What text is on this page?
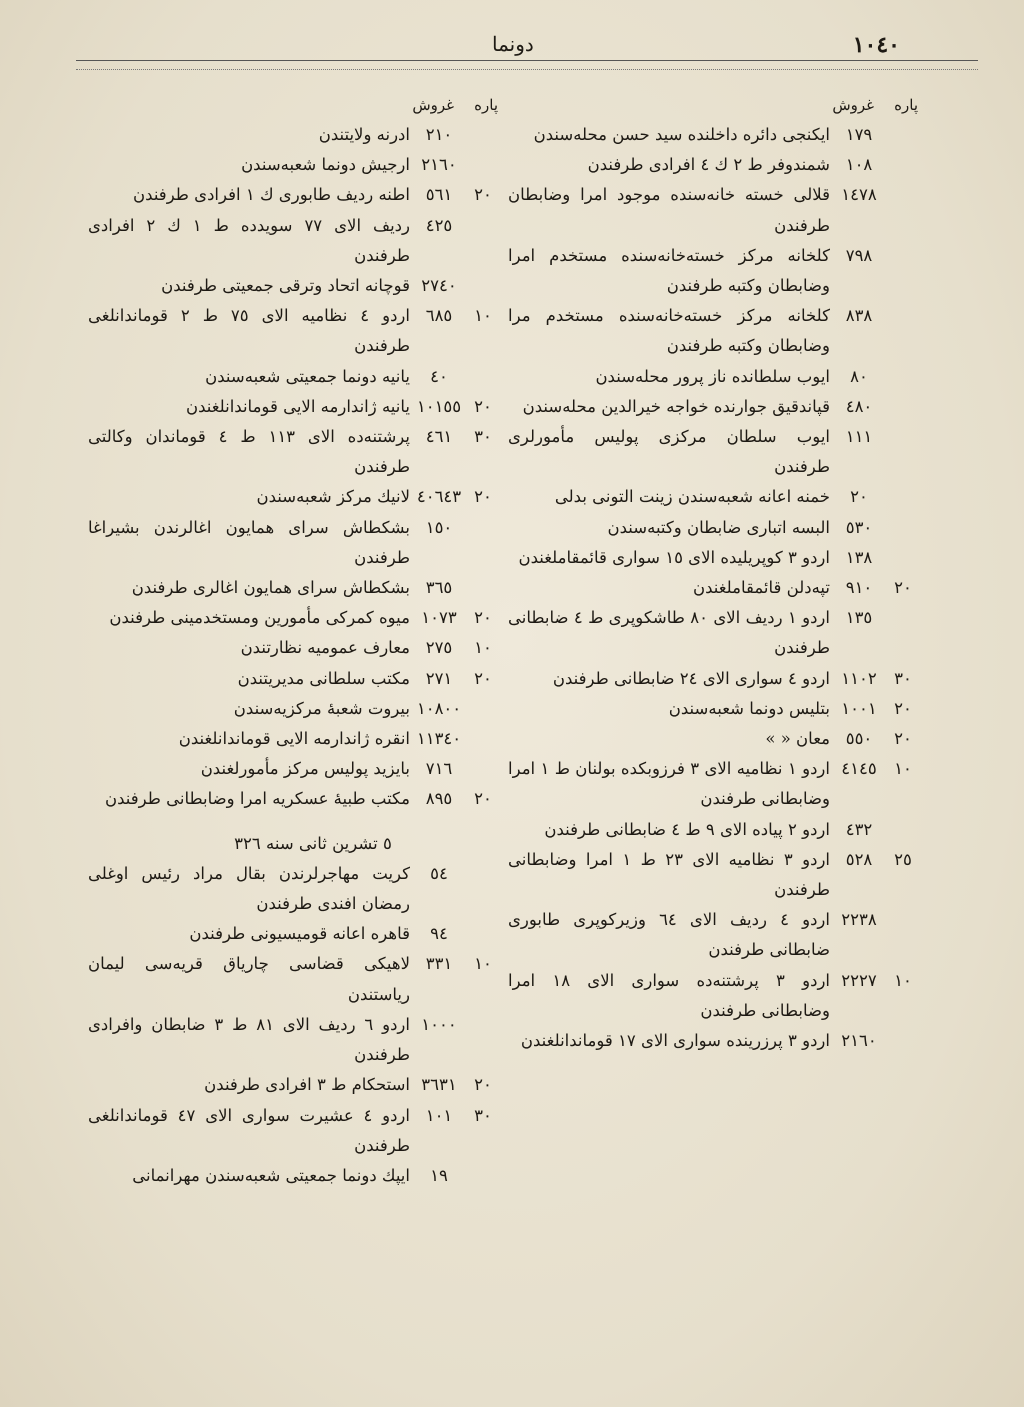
١٠٤٠
دونما
پاره
غروش
١٧٩
ایكنجی دائره داخلنده سید حسن محله‌سندن
١٠٨
شمندوفر ط ٢ ك ٤ افرادی طرفندن
١٤٧٨
قلالی خسته خانه‌سنده موجود امرا وضابطان طرفندن
٧٩٨
كلخانه مركز خسته‌خانه‌سنده مستخدم امرا وضابطان وكتبه طرفندن
٨٣٨
كلخانه مركز خسته‌خانه‌سنده مستخدم مرا وضابطان وكتبه طرفندن
٨٠
ایوب سلطانده ناز پرور محله‌سندن
٤٨٠
قپاندقیق جوارنده خواجه خیرالدین محله‌سندن
١١١
ایوب سلطان مركزی پولیس مأمورلری طرفندن
٢٠
خمنه اعانه شعبه‌سندن زینت التونی بدلی
٥٣٠
البسه اتباری ضابطان وكتبه‌سندن
١٣٨
اردو ٣ كوپریلیده الای ١٥ سواری قائمقاملغندن
٢٠
٩١٠
تپه‌دلن قائمقاملغندن
١٣٥
اردو ١ ردیف الای ٨٠ طاشكوپری ط ٤ ضابطانی طرفندن
٣٠
١١٠٢
اردو ٤ سواری الای ٢٤ ضابطانی طرفندن
٢٠
١٠٠١
بتلیس دونما شعبه‌سندن
٢٠
٥٥٠
معان « »
١٠
٤١٤٥
اردو ١ نظامیه الای ٣ فرزوبكده بولنان ط ١ امرا وضابطانی طرفندن
٤٣٢
اردو ٢ پیاده الای ٩ ط ٤ ضابطانی طرفندن
٢٥
٥٢٨
اردو ٣ نظامیه الای ٢٣ ط ١ امرا وضابطانی طرفندن
٢٢٣٨
اردو ٤ ردیف الای ٦٤ وزیركوپری طابوری ضابطانی طرفندن
١٠
٢٢٢٧
اردو ٣ پرشتنه‌ده سواری الای ١٨ امرا وضابطانی طرفندن
٢١٦٠
اردو ٣ پرزرینده سواری الای ١٧ قوماندانلغندن
پاره
غروش
٢١٠
ادرنه ولایتندن
٢١٦٠
ارجیش دونما شعبه‌سندن
٢٠
٥٦١
اطنه ردیف طابوری ك ١ افرادی طرفندن
٤٢٥
ردیف الای ٧٧ سویدده ط ١ ك ٢ افرادی طرفندن
٢٧٤٠
قوچانه اتحاد وترقی جمعیتی طرفندن
١٠
٦٨٥
اردو ٤ نظامیه الای ٧٥ ط ٢ قوماندانلغی طرفندن
٤٠
یانیه دونما جمعیتی شعبه‌سندن
٢٠
١٠١٥٥
یانیه ژاندارمه الایی قوماندانلغندن
٣٠
٤٦١
پرشتنه‌ده الای ١١٣ ط ٤ قوماندان وكالتی طرفندن
٢٠
٤٠٦٤٣
لانیك مركز شعبه‌سندن
١٥٠
بشكطاش سرای همایون اغالرندن بشیراغا طرفندن
٣٦٥
بشكطاش سرای همایون اغالری طرفندن
٢٠
١٠٧٣
میوه كمركی مأمورین ومستخدمینی طرفندن
١٠
٢٧٥
معارف عمومیه نظارتندن
٢٠
٢٧١
مكتب سلطانی مدیریتندن
١٠٨٠٠
بیروت شعبهٔ مركزیه‌سندن
١١٣٤٠
انقره ژاندارمه الایی قوماندانلغندن
٧١٦
بایزید پولیس مركز مأمورلغندن
٢٠
٨٩٥
مكتب طبیهٔ عسكریه امرا وضابطانی طرفندن
٥ تشرین ثانی سنه ٣٢٦
٥٤
كریت مهاجرلرندن بقال مراد رئیس اوغلی رمضان افندی طرفندن
٩٤
قاهره اعانه قومیسیونی طرفندن
١٠
٣٣١
لاهیكی قضاسی چاریاق قریه‌سی لیمان ریاستندن
١٠٠٠
اردو ٦ ردیف الای ٨١ ط ٣ ضابطان وافرادی طرفندن
٢٠
٣٦٣١
استحكام ط ٣ افرادی طرفندن
٣٠
١٠١
اردو ٤ عشیرت سواری الای ٤٧ قوماندانلغی طرفندن
١٩
ایپك دونما جمعیتی شعبه‌سندن مهرانمانی
